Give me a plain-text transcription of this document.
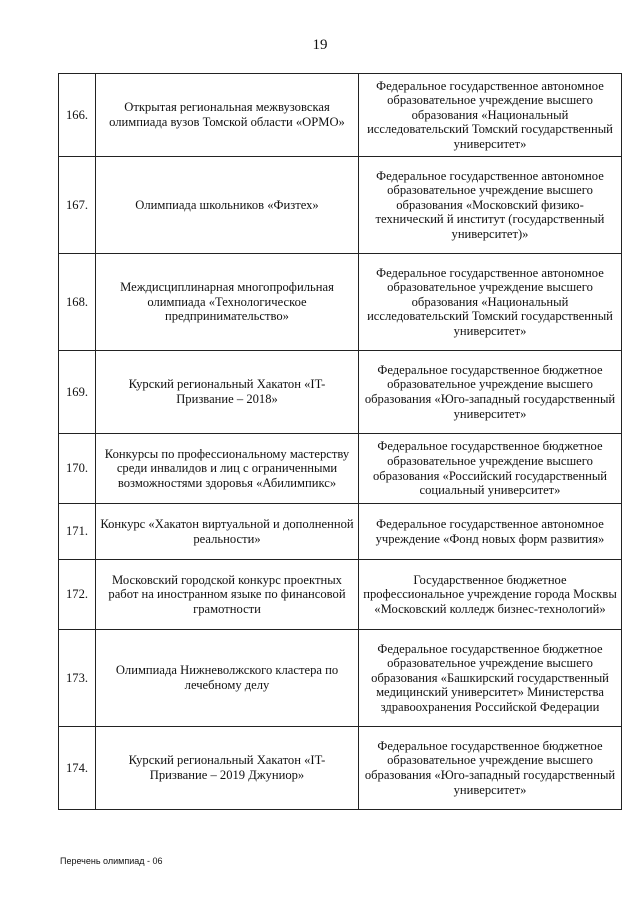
19
166.	Открытая региональная межвузовская олимпиада вузов Томской области «ОРМО»	Федеральное государственное автономное образовательное учреждение высшего образования «Национальный исследовательский Томский государственный университет»
167.	Олимпиада школьников «Физтех»	Федеральное государственное автономное образовательное учреждение высшего образования «Московский физико-технический й институт (государственный университет)»
168.	Междисциплинарная многопрофильная олимпиада «Технологическое предпринимательство»	Федеральное государственное автономное образовательное учреждение высшего образования «Национальный исследовательский Томский государственный университет»
169.	Курский региональный Хакатон «IT-Призвание – 2018»	Федеральное государственное бюджетное образовательное учреждение высшего образования «Юго-западный государственный университет»
170.	Конкурсы по профессиональному мастерству среди инвалидов и лиц с ограниченными возможностями здоровья «Абилимпикс»	Федеральное государственное бюджетное образовательное учреждение высшего образования «Российский государственный социальный университет»
171.	Конкурс «Хакатон виртуальной и дополненной реальности»	Федеральное государственное автономное учреждение «Фонд новых форм развития»
172.	Московский городской конкурс проектных работ на иностранном языке по финансовой грамотности	Государственное бюджетное профессиональное учреждение города Москвы «Московский колледж бизнес-технологий»
173.	Олимпиада Нижневолжского кластера по лечебному делу	Федеральное государственное бюджетное образовательное учреждение высшего образования «Башкирский государственный медицинский университет» Министерства здравоохранения Российской Федерации
174.	Курский региональный Хакатон «IT-Призвание – 2019 Джуниор»	Федеральное государственное бюджетное образовательное учреждение высшего образования «Юго-западный государственный университет»
Перечень олимпиад - 06
